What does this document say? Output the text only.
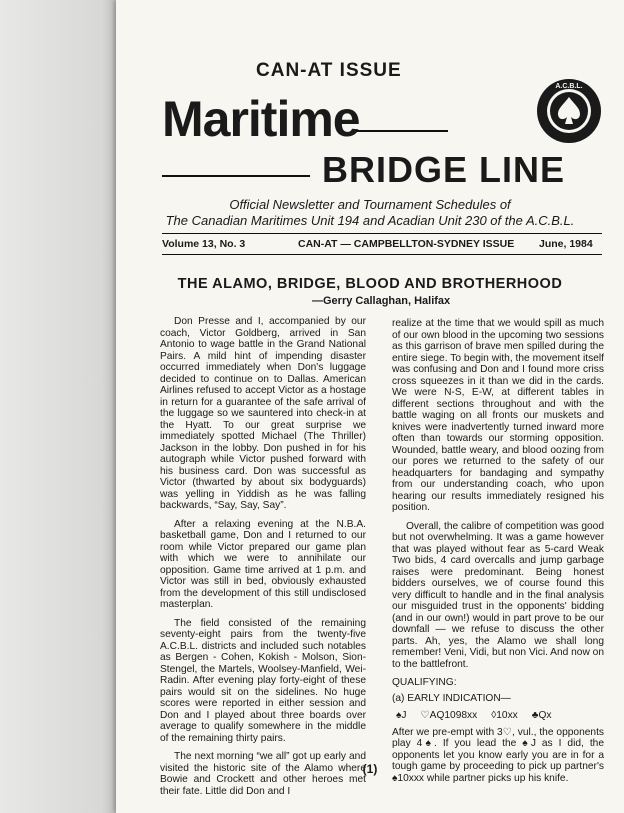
CAN-AT ISSUE
Maritime
BRIDGE LINE
A.C.B.L.
Official Newsletter and Tournament Schedules of
The Canadian Maritimes Unit 194 and Acadian Unit 230 of the A.C.B.L.
Volume 13, No. 3	CAN-AT — CAMPBELLTON-SYDNEY ISSUE June, 1984
THE ALAMO, BRIDGE, BLOOD AND BROTHERHOOD
—Gerry Callaghan, Halifax

Don Presse and I, accompanied by our coach, Victor Goldberg, arrived in San Antonio to wage battle in the Grand National Pairs. A mild hint of impending disaster occurred immediately when Don's luggage decided to continue on to Dallas. American Airlines refused to accept Victor as a hostage in return for a guarantee of the safe arrival of the luggage so we sauntered into check-in at the Hyatt. To our great surprise we immediately spotted Michael (The Thriller) Jackson in the lobby. Don pushed in for his autograph while Victor pushed forward with his business card. Don was successful as Victor (thwarted by about six bodyguards) was yelling in Yiddish as he was falling backwards, “Say, Say, Say”.

After a relaxing evening at the N.B.A. basketball game, Don and I returned to our room while Victor prepared our game plan with which we were to annihilate our opposition. Game time arrived at 1 p.m. and Victor was still in bed, obviously exhausted from the development of this still undisclosed masterplan.

The field consisted of the remaining seventy-eight pairs from the twenty-five A.C.B.L. districts and included such notables as Bergen - Cohen, Kokish - Molson, Sion-Stengel, the Martels, Woolsey-Manfield, Wei-Radin. After evening play forty-eight of these pairs would sit on the sidelines. No huge scores were reported in either session and Don and I played about three boards over average to qualify somewhere in the middle of the remaining thirty pairs.

The next morning “we all” got up early and visited the historic site of the Alamo where Bowie and Crockett and other heroes met their fate. Little did Don and I

realize at the time that we would spill as much of our own blood in the upcoming two sessions as this garrison of brave men spilled during the entire siege. To begin with, the movement itself was confusing and Don and I found more criss cross squeezes in it than we did in the cards. We were N-S, E-W, at different tables in different sections throughout and with the battle waging on all fronts our muskets and knives were inadvertently turned inward more often than towards our storming opposition. Wounded, battle weary, and blood oozing from our pores we returned to the safety of our headquarters for bandaging and sympathy from our understanding coach, who upon hearing our results immediately resigned his position.

Overall, the calibre of competition was good but not overwhelming. It was a game however that was played without fear as 5-card Weak Two bids, 4 card overcalls and jump garbage raises were predominant. Being honest bidders ourselves, we of course found this very difficult to handle and in the final analysis our misguided trust in the opponents' bidding (and in our own!) would in part prove to be our downfall — we refuse to discuss the other parts. Ah, yes, the Alamo we shall long remember! Veni, Vidi, but non Vici. And now on to the battlefront.

QUALIFYING:
(a) EARLY INDICATION—
♠J ♡AQ1098xx ◊10xx ♣Qx

After we pre-empt with 3♡, vul., the opponents play 4♠. If you lead the ♠J as I did, the opponents let you know early you are in for a tough game by proceeding to pick up partner's ♠10xxx while partner picks up his knife.

(1)
